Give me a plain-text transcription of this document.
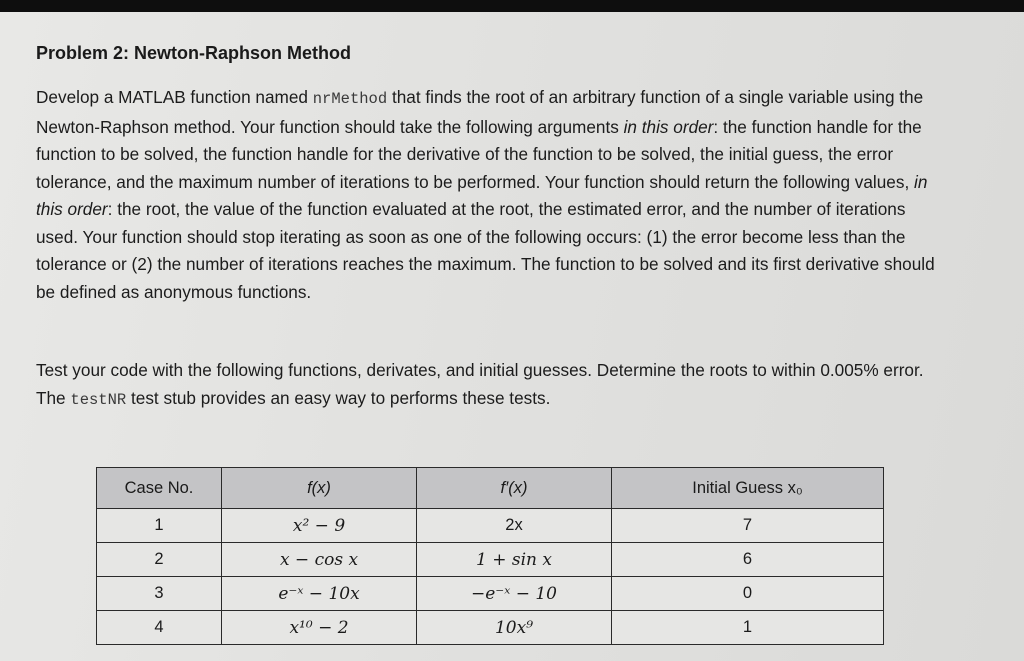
Problem 2: Newton-Raphson Method
Develop a MATLAB function named nrMethod that finds the root of an arbitrary function of a single variable using the Newton-Raphson method. Your function should take the following arguments in this order: the function handle for the function to be solved, the function handle for the derivative of the function to be solved, the initial guess, the error tolerance, and the maximum number of iterations to be performed. Your function should return the following values, in this order: the root, the value of the function evaluated at the root, the estimated error, and the number of iterations used. Your function should stop iterating as soon as one of the following occurs: (1) the error become less than the tolerance or (2) the number of iterations reaches the maximum. The function to be solved and its first derivative should be defined as anonymous functions.
Test your code with the following functions, derivates, and initial guesses. Determine the roots to within 0.005% error. The testNR test stub provides an easy way to performs these tests.
Case No.	f(x)	f′(x)	Initial Guess x₀
1	x² − 9	2x	7
2	x − cos x	1 + sin x	6
3	e⁻ˣ − 10x	−e⁻ˣ − 10	0
4	x¹⁰ − 2	10x⁹	1
